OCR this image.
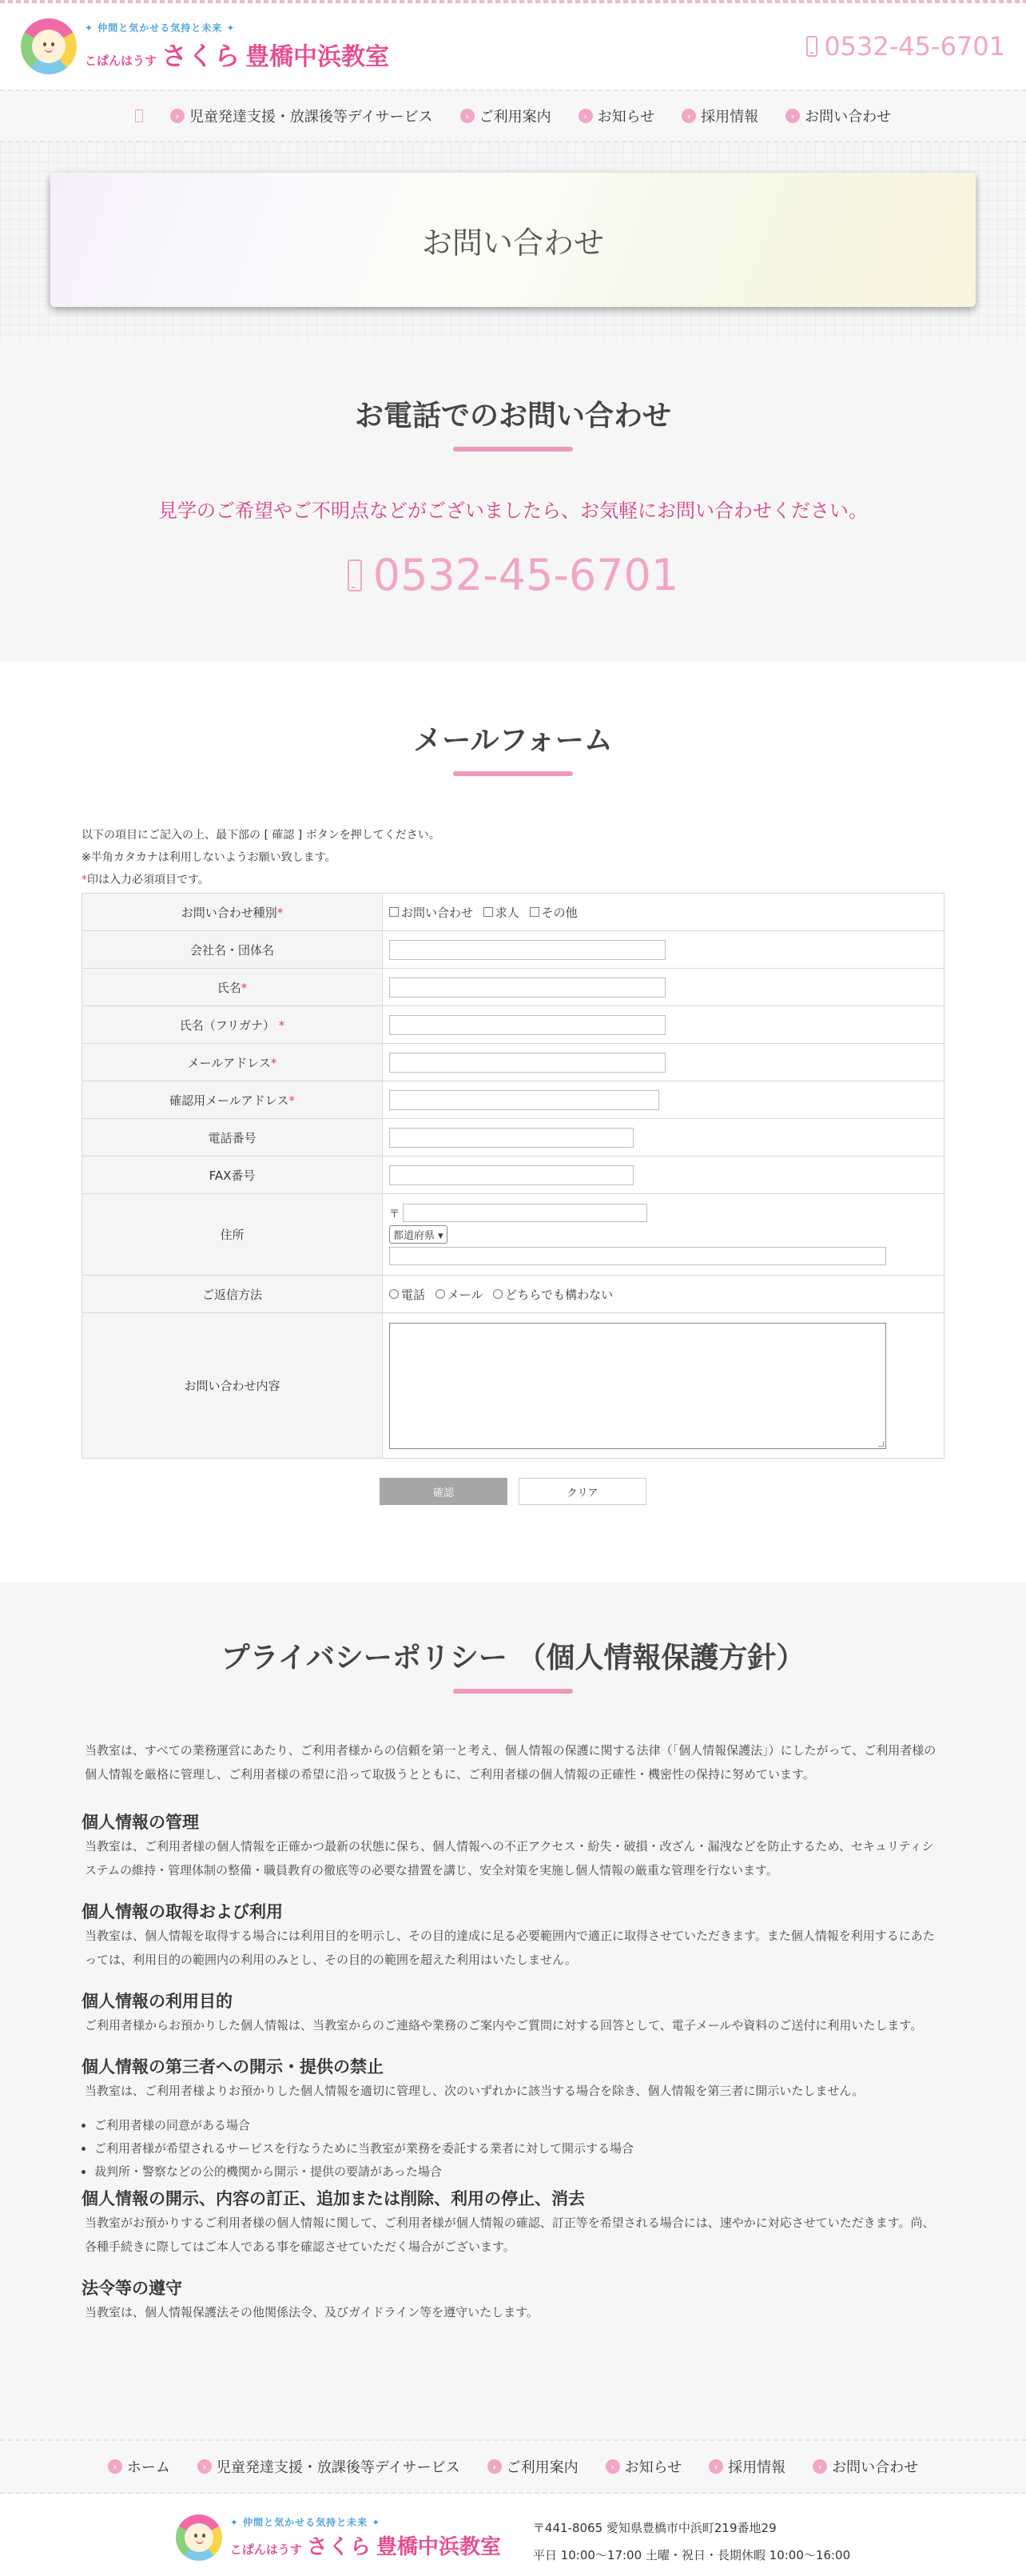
✦ 仲間と気かせる気持と未来 ✦
こぱんはうす さくら 豊橋中浜教室	0532-45-6701
› 児童発達支援・放課後等デイサービス	› ご利用案内	› お知らせ	› 採用情報	› お問い合わせ
お問い合わせ
お電話でのお問い合わせ

見学のご希望やご不明点などがございましたら、お気軽にお問い合わせください。

0532-45-6701
メールフォーム

以下の項目にご記入の上、最下部の [ 確認 ] ボタンを押してください。

※半角カタカナは利用しないようお願い致します。

*印は入力必須項目です。

お問い合わせ種別*	お問い合わせ
求人
その他

会社名・団体名	

氏名*	

氏名（フリガナ） *	

メールアドレス*	

確認用メールアドレス*	

電話番号	

FAX番号	

住所	〒
都道府県 ▾

ご返信方法	電話
メール
どちらでも構わない

お問い合わせ内容	
確認	クリア
プライバシーポリシー （個人情報保護方針）

当教室は、すべての業務運営にあたり、ご利用者様からの信頼を第一と考え、個人情報の保護に関する法律（「個人情報保護法」）にしたがって、ご利用者様の個人情報を厳格に管理し、ご利用者様の希望に沿って取扱うとともに、ご利用者様の個人情報の正確性・機密性の保持に努めています。

個人情報の管理

当教室は、ご利用者様の個人情報を正確かつ最新の状態に保ち、個人情報への不正アクセス・紛失・破損・改ざん・漏洩などを防止するため、セキュリティシステムの維持・管理体制の整備・職員教育の徹底等の必要な措置を講じ、安全対策を実施し個人情報の厳重な管理を行ないます。

個人情報の取得および利用

当教室は、個人情報を取得する場合には利用目的を明示し、その目的達成に足る必要範囲内で適正に取得させていただきます。また個人情報を利用するにあたっては、利用目的の範囲内の利用のみとし、その目的の範囲を超えた利用はいたしません。

個人情報の利用目的

ご利用者様からお預かりした個人情報は、当教室からのご連絡や業務のご案内やご質問に対する回答として、電子メールや資料のご送付に利用いたします。

個人情報の第三者への開示・提供の禁止

当教室は、ご利用者様よりお預かりした個人情報を適切に管理し、次のいずれかに該当する場合を除き、個人情報を第三者に開示いたしません。

• ご利用者様の同意がある場合
• ご利用者様が希望されるサービスを行なうために当教室が業務を委託する業者に対して開示する場合
• 裁判所・警察などの公的機関から開示・提供の要請があった場合
個人情報の開示、内容の訂正、追加または削除、利用の停止、消去

当教室がお預かりするご利用者様の個人情報に関して、ご利用者様が個人情報の確認、訂正等を希望される場合には、速やかに対応させていただきます。尚、各種手続きに際してはご本人である事を確認させていただく場合がございます。

法令等の遵守

当教室は、個人情報保護法その他関係法令、及びガイドライン等を遵守いたします。

› ホーム	› 児童発達支援・放課後等デイサービス	› ご利用案内	› お知らせ	› 採用情報	› お問い合わせ
✦ 仲間と気かせる気持と未来 ✦
こぱんはうす さくら 豊橋中浜教室

〒441-8065 愛知県豊橋市中浜町219番地29

平日 10:00〜17:00 土曜・祝日・長期休暇 10:00〜16:00
